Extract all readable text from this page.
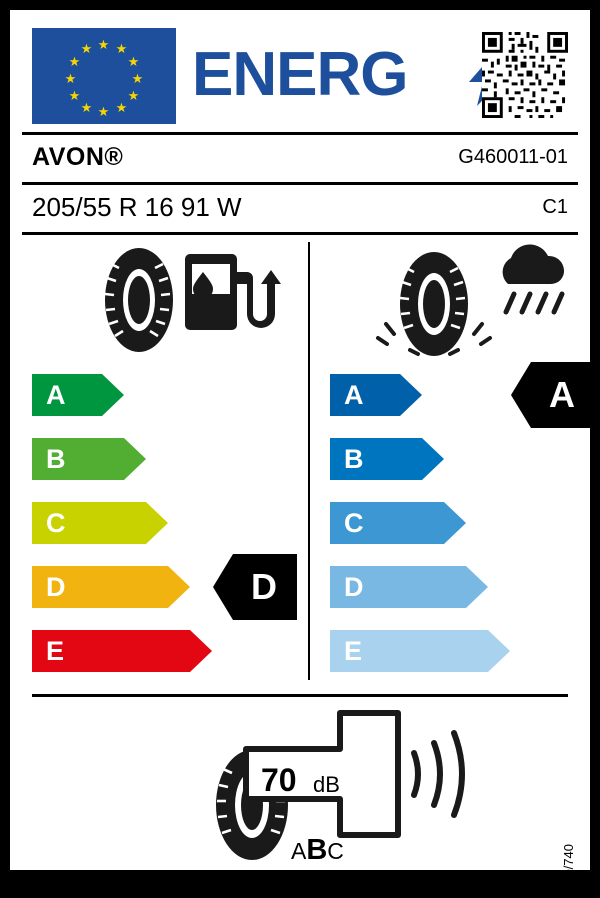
★ ★
★
★
★
★
★
★
★
★
★
★ ENERG
AVON®	G460011-01
205/55 R 16 91 W	C1
A
B
C
D
E
D
A
B
C
D
E
A
70 dB
ABC	2020/740
